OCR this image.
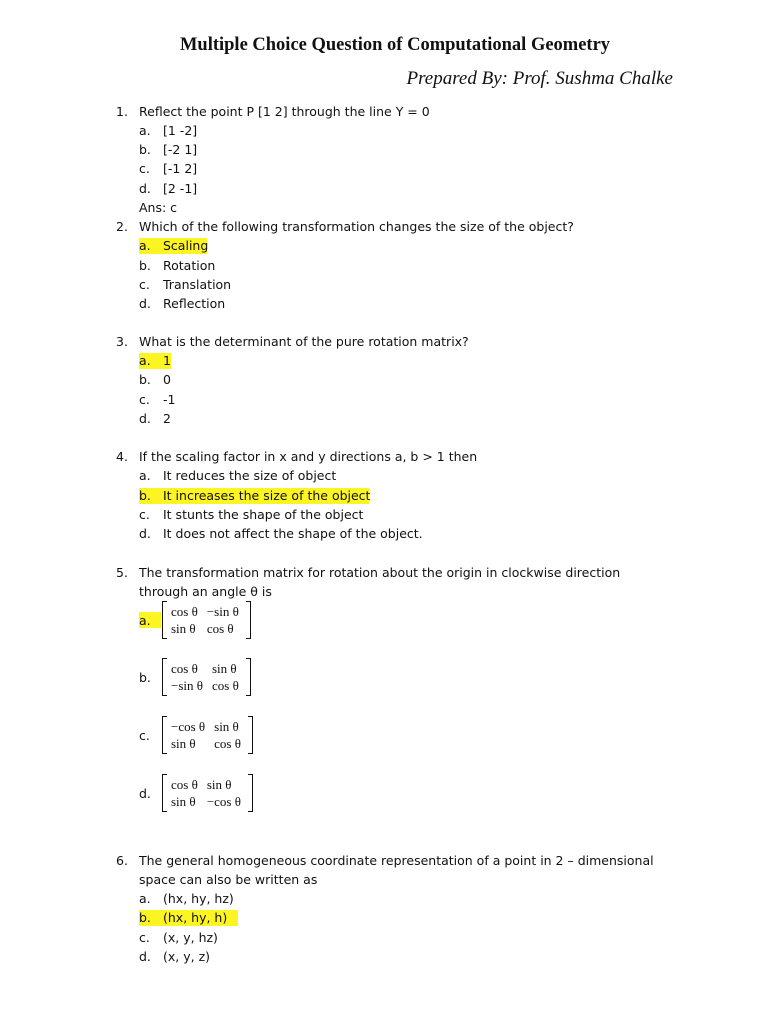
Multiple Choice Question of Computational Geometry
Prepared By: Prof. Sushma Chalke
1. Reflect the point P [1 2] through the line Y = 0
a. [1 -2]
b. [-2 1]
c. [-1 2]
d. [2 -1]
Ans: c
2. Which of the following transformation changes the size of the object?
a. Scaling
b. Rotation
c. Translation
d. Reflection
3. What is the determinant of the pure rotation matrix?
a. 1
b. 0
c. -1
d. 2
4. If the scaling factor in x and y directions a, b > 1 then
a. It reduces the size of object
b. It increases the size of the object
c. It stunts the shape of the object
d. It does not affect the shape of the object.
5. The transformation matrix for rotation about the origin in clockwise direction
through an angle θ is
a.
cos θ	−sin θ
sin θ	cos θ
b.
cos θ	sin θ
−sin θ	cos θ
c.
−cos θ	sin θ
sin θ	cos θ
d.
cos θ	sin θ
sin θ	−cos θ
6. The general homogeneous coordinate representation of a point in 2 – dimensional
space can also be written as
a. (hx, hy, hz)
b. (hx, hy, h)
c. (x, y, hz)
d. (x, y, z)
